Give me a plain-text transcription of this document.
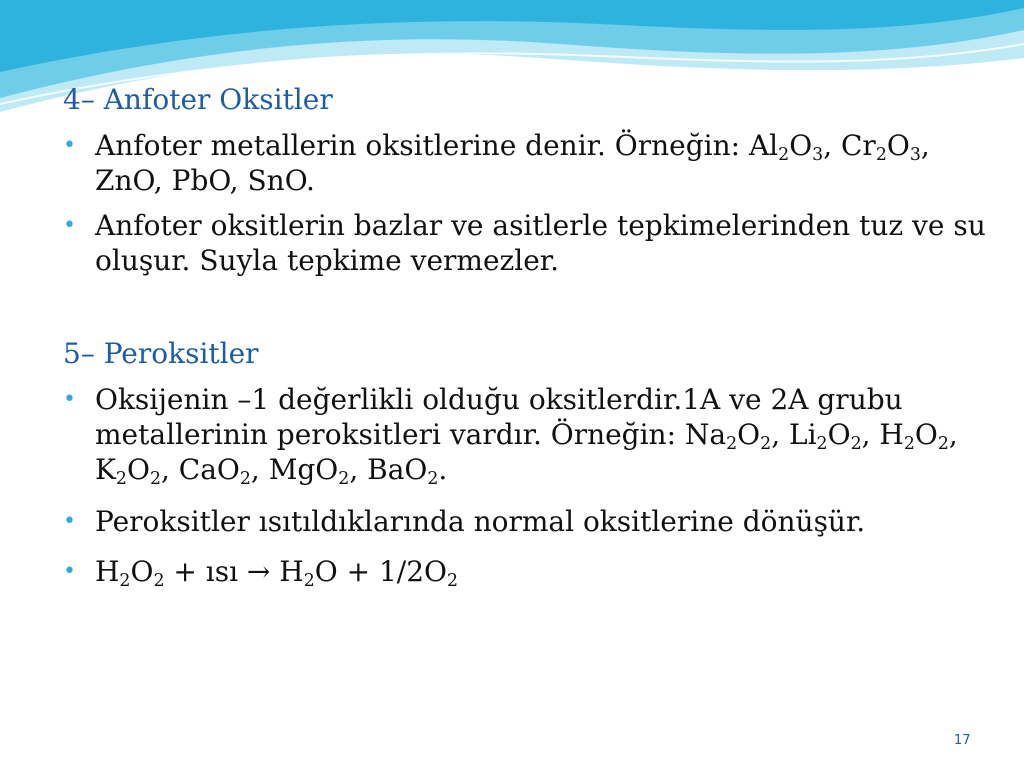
4– Anfoter Oksitler
• Anfoter metallerin oksitlerine denir. Örneğin: $Al_2O_3$, $Cr_2O_3$, ZnO, PbO, SnO.
• Anfoter oksitlerin bazlar ve asitlerle tepkimelerinden tuz ve su oluşur. Suyla tepkime vermezler.
5– Peroksitler
• Oksijenin –1 değerlikli olduğu oksitlerdir.1A ve 2A grubu metallerinin peroksitleri vardır. Örneğin: $Na_2O_2$, $Li_2O_2$, $H_2O_2$, $K_2O_2$, CaO$_2$, MgO$_2$, BaO$_2$.
• Peroksitler ısıtıldıklarında normal oksitlerine dönüşür.
• $H_2O_2$ + ısı → $H_2O + 1/2O_2$
17
